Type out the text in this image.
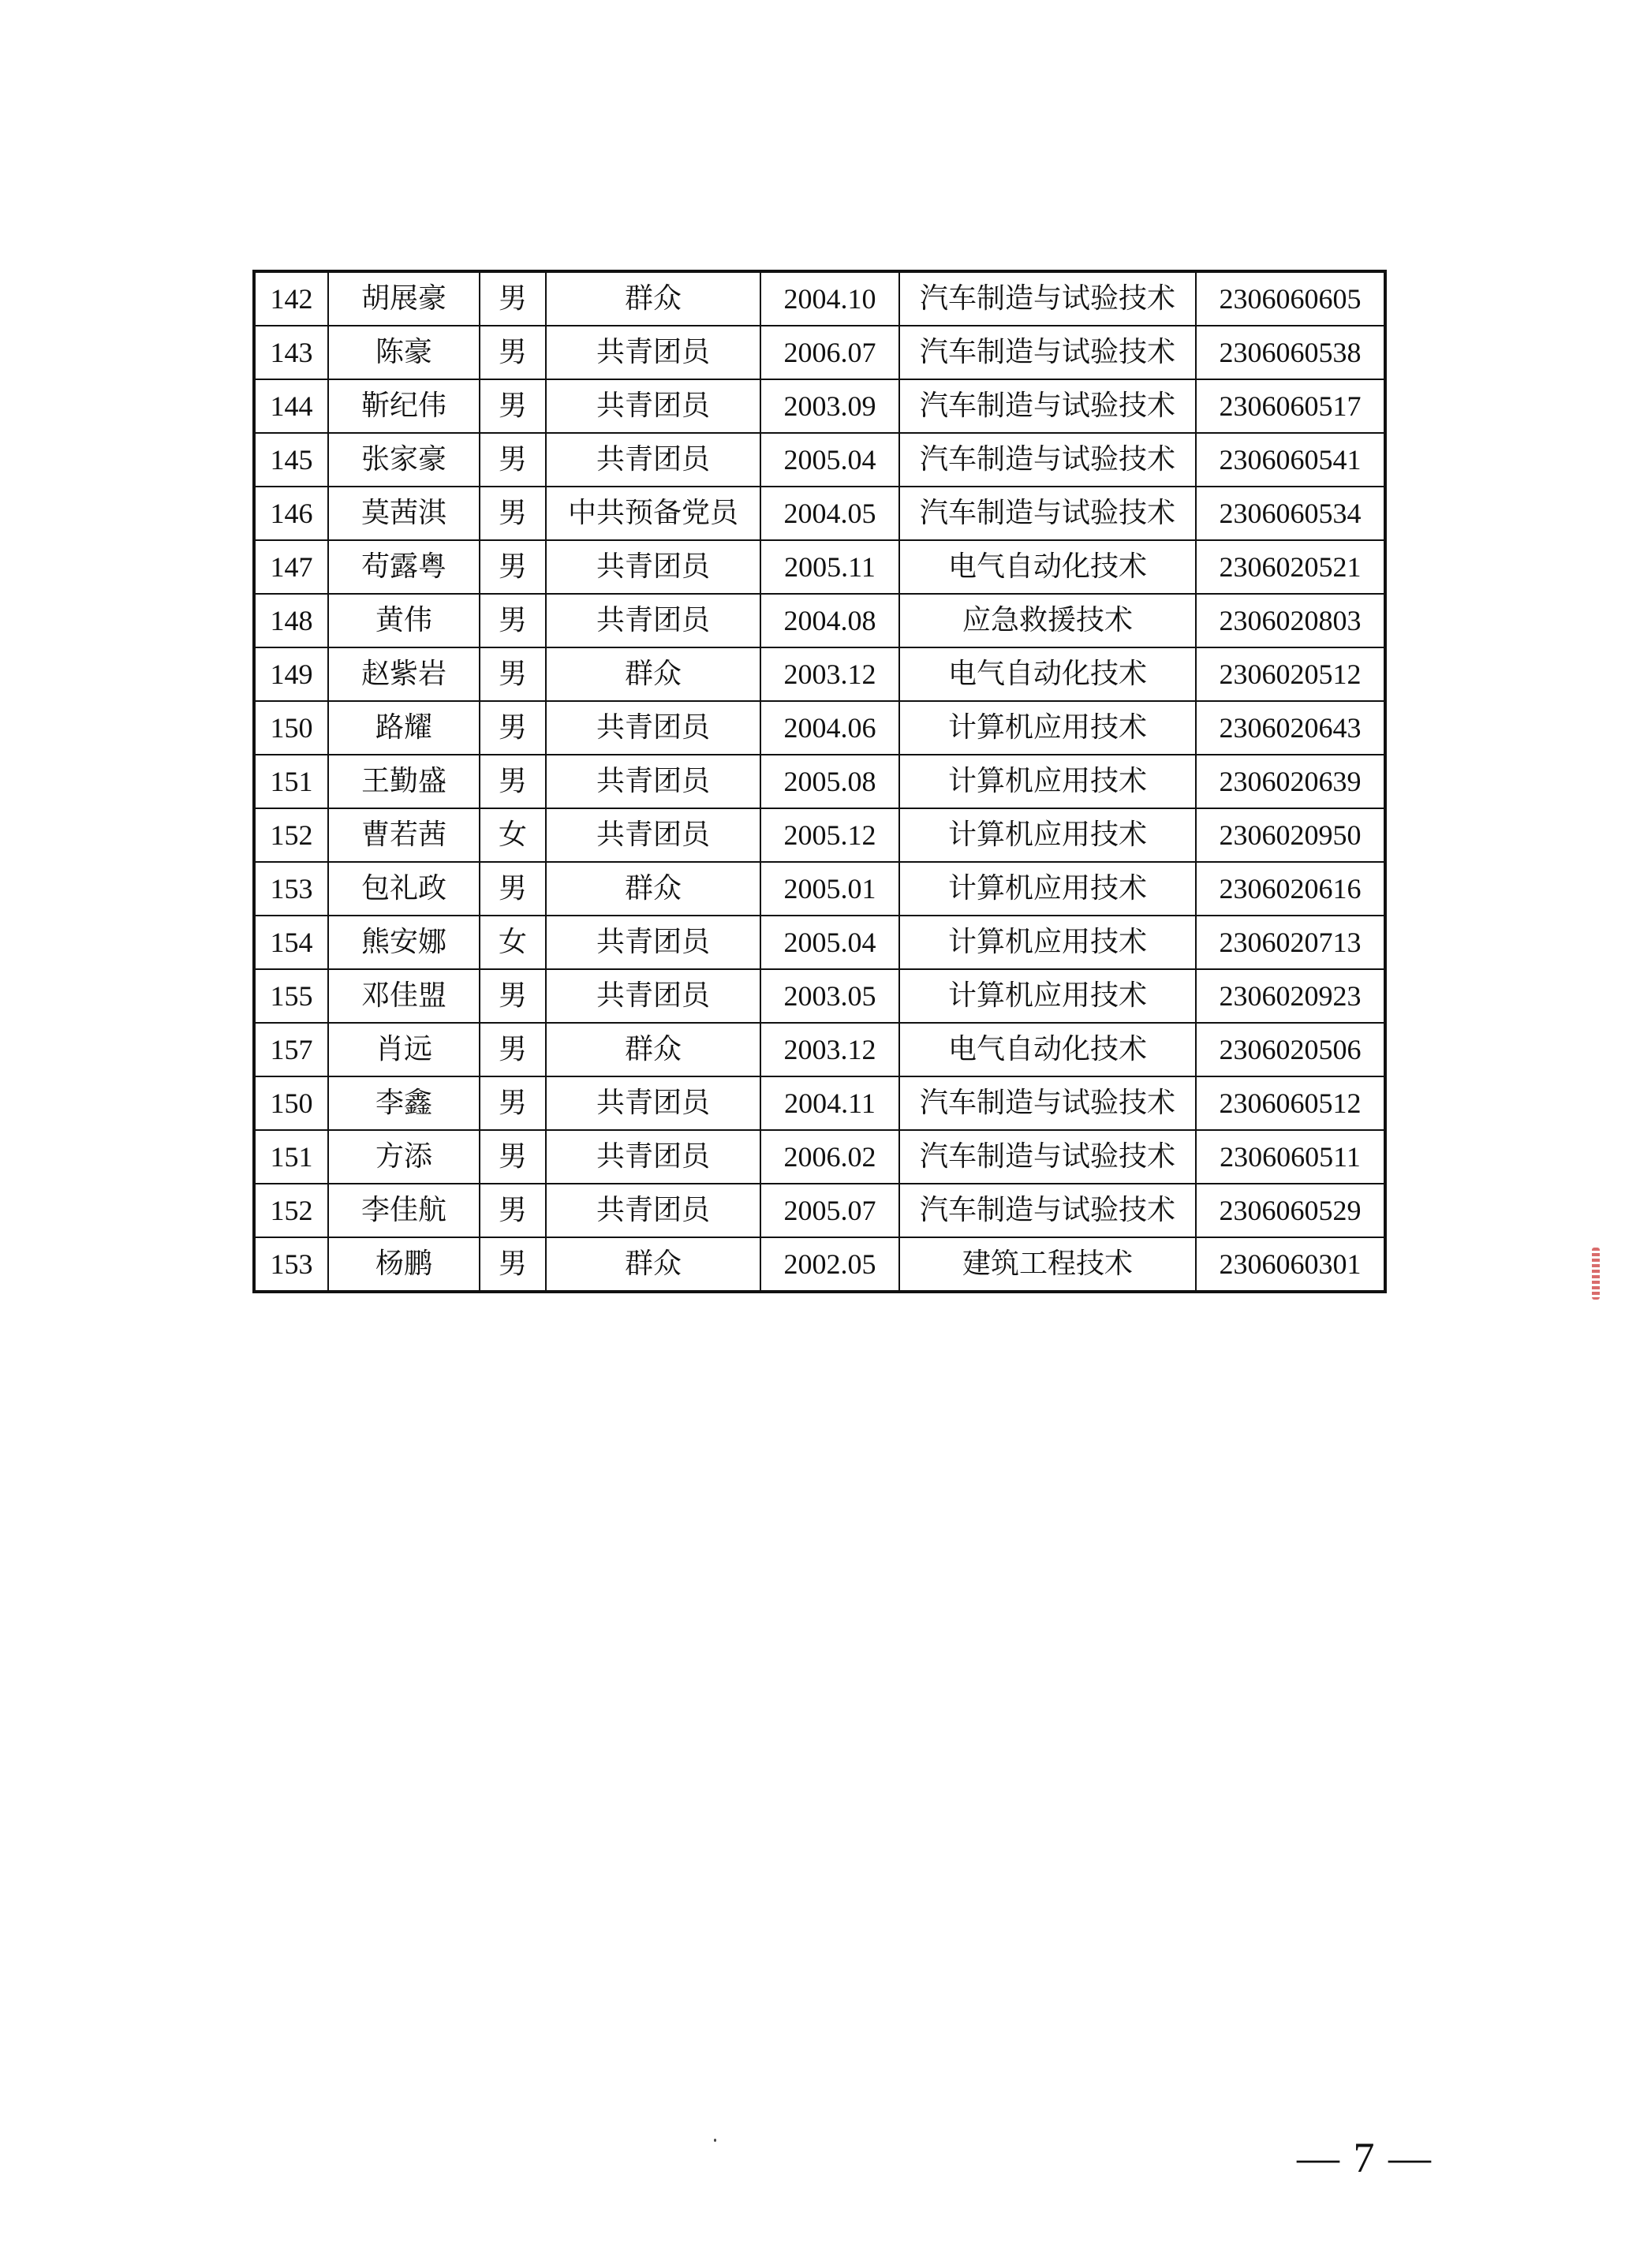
142	胡展豪	男	群众	2004.10	汽车制造与试验技术	2306060605
143	陈豪	男	共青团员	2006.07	汽车制造与试验技术	2306060538
144	靳纪伟	男	共青团员	2003.09	汽车制造与试验技术	2306060517
145	张家豪	男	共青团员	2005.04	汽车制造与试验技术	2306060541
146	莫茜淇	男	中共预备党员	2004.05	汽车制造与试验技术	2306060534
147	苟露粤	男	共青团员	2005.11	电气自动化技术	2306020521
148	黄伟	男	共青团员	2004.08	应急救援技术	2306020803
149	赵紫岩	男	群众	2003.12	电气自动化技术	2306020512
150	路耀	男	共青团员	2004.06	计算机应用技术	2306020643
151	王勤盛	男	共青团员	2005.08	计算机应用技术	2306020639
152	曹若茜	女	共青团员	2005.12	计算机应用技术	2306020950
153	包礼政	男	群众	2005.01	计算机应用技术	2306020616
154	熊安娜	女	共青团员	2005.04	计算机应用技术	2306020713
155	邓佳盟	男	共青团员	2003.05	计算机应用技术	2306020923
157	肖远	男	群众	2003.12	电气自动化技术	2306020506
150	李鑫	男	共青团员	2004.11	汽车制造与试验技术	2306060512
151	方添	男	共青团员	2006.02	汽车制造与试验技术	2306060511
152	李佳航	男	共青团员	2005.07	汽车制造与试验技术	2306060529
153	杨鹏	男	群众	2002.05	建筑工程技术	2306060301
— 7 —
